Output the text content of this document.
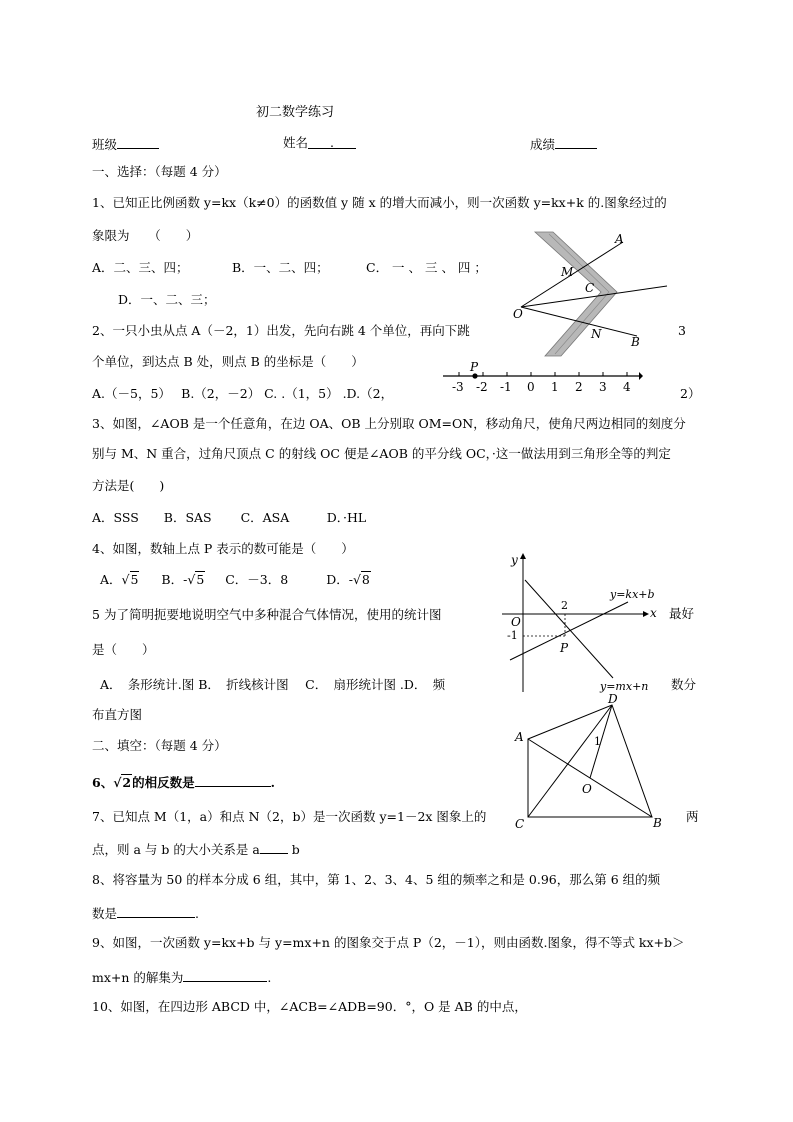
初二数学练习
班级	姓名 .	成绩
一、选择：（每题 4 分）
1、已知正比例函数 y=kx（k≠0）的函数值 y 随 x 的增大而减小，则一次函数 y=kx+k 的.图象经过的
象限为　　（　　）
A．二、三、四；	B．一、二、四；	C． 一 、 三 、 四 ；
D．一、二、三；
2、一只小虫从点 A（－2，1）出发，先向右跳 4 个单位，再向下跳	3
个单位，到达点 B 处，则点 B 的坐标是（　　）
A.（－5，5）　 B.（2，－2） C. .（1，5） .D.（2，	2）
3、如图，∠AOB 是一个任意角，在边 OA、OB 上分别取 OM=ON，移动角尺，使角尺两边相同的刻度分
别与 M、N 重合，过角尺顶点 C 的射线 OC 便是∠AOB 的平分线 OC，·这一做法用到三角形全等的判定
方法是(　　)
A．SSS　　B．SAS　　 C．ASA　　　D．·HL
4、如图，数轴上点 P 表示的数可能是（　　）
A．√5 B．-√5 C．－3．8	D．-√8
5 为了简明扼要地说明空气中多种混合气体情况，使用的统计图	最好
是（　　）
A．　条形统计.图 B．　折线核计图　 C．　扇形统计图 .D．　频	数分
布直方图
二、填空：（每题 4 分）
6、√2的相反数是	.
7、已知点 M（1，a）和点 N（2，b）是一次函数 y=1－2x 图象上的	两
点，则 a 与 b 的大小关系是 a	b
8、将容量为 50 的样本分成 6 组，其中，第 1、2、3、4、5 组的频率之和是 0.96，那么第 6 组的频
数是	.
9、如图，一次函数 y=kx+b 与 y=mx+n 的图象交于点 P（2，－1），则由函数.图象，得不等式 kx+b＞
mx+n 的解集为	.
10、如图，在四边形 ABCD 中，∠ACB=∠ADB=90．°，O 是 AB 的中点，
A
M
C
O
N
B
-3 -2 -1 0 1 2 3 4
P
y
x
O
2
-1
P
y=kx+b
y=mx+n
A
D
1
O
C	B
